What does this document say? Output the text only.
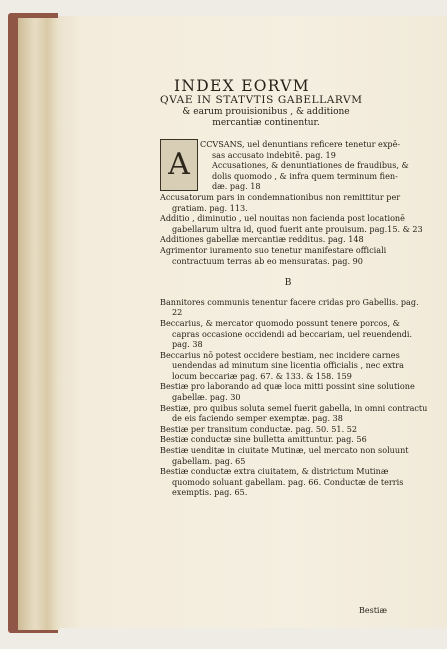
INDEX EORVM
QVAE IN STATVTIS GABELLARVM
& earum prouisionibus , & additione
mercantiæ continentur.
A
CCVSANS, uel denuntians reficere tenetur expē-
sas accusato indebitē. pag. 19
Accusationes, & denuntiationes de fraudibus, &
dolis quomodo , & infra quem terminum fien-
dæ. pag. 18
Accusatorum pars in condemnationibus non remittitur per gratiam. pag. 113.
Additio , diminutio , uel nouitas non facienda post locationē gabellarum ultra id, quod fuerit ante prouisum. pag.15. & 23
Additiones gabellæ mercantiæ redditus. pag. 148
Agrimentor iuramento suo tenetur manifestare officiali contractuum terras ab eo mensuratas. pag. 90
B
Bannitores communis tenentur facere cridas pro Gabellis. pag. 22
Beccarius, & mercator quomodo possunt tenere porcos, & capras occasione occidendi ad beccariam, uel reuendendi. pag. 38
Beccarius nō potest occidere bestiam, nec incidere carnes uendendas ad minutum sine licentia officialis , nec extra locum beccariæ pag. 67. & 133. & 158. 159
Bestiæ pro laborando ad quæ loca mitti possint sine solutione gabellæ. pag. 30
Bestiæ, pro quibus soluta semel fuerit gabella, in omni contractu de eis faciendo semper exemptæ. pag. 38
Bestiæ per transitum conductæ. pag. 50. 51. 52
Bestiæ conductæ sine bulletta amittuntur. pag. 56
Bestiæ uenditæ in ciuitate Mutinæ, uel mercato non soluunt gabellam. pag. 65
Bestiæ conductæ extra ciuitatem, & districtum Mutinæ quomodo soluant gabellam. pag. 66. Conductæ de terris exemptis. pag. 65.
Bestiæ
